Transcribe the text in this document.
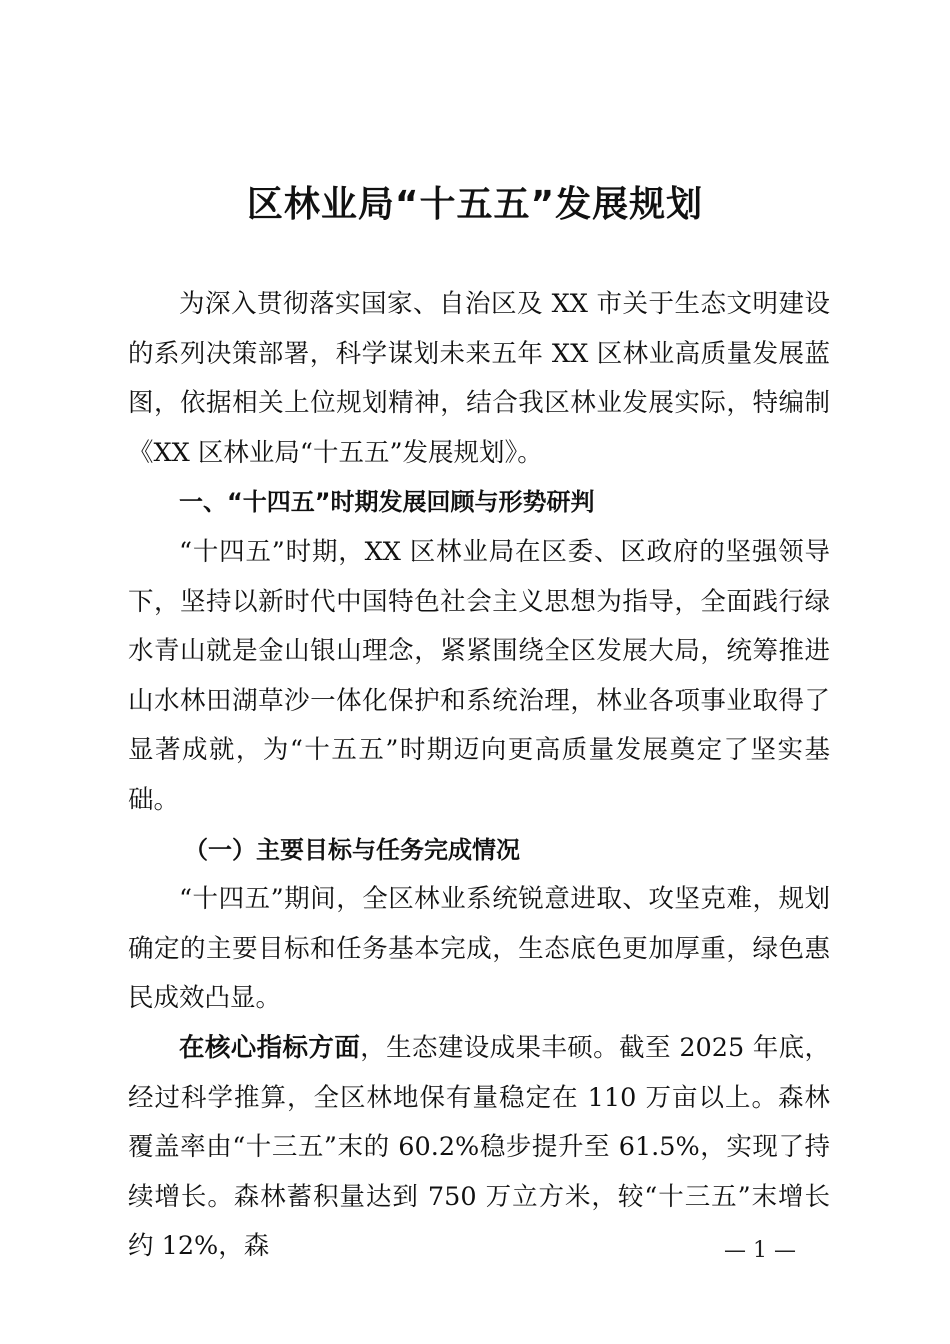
区林业局“十五五”发展规划

为深入贯彻落实国家、自治区及 XX 市关于生态文明建设的系列决策部署，科学谋划未来五年 XX 区林业高质量发展蓝图，依据相关上位规划精神，结合我区林业发展实际，特编制《XX 区林业局“十五五”发展规划》。

一、“十四五”时期发展回顾与形势研判

“十四五”时期，XX 区林业局在区委、区政府的坚强领导下，坚持以新时代中国特色社会主义思想为指导，全面践行绿水青山就是金山银山理念，紧紧围绕全区发展大局，统筹推进山水林田湖草沙一体化保护和系统治理，林业各项事业取得了显著成就，为“十五五”时期迈向更高质量发展奠定了坚实基础。

（一）主要目标与任务完成情况

“十四五”期间，全区林业系统锐意进取、攻坚克难，规划确定的主要目标和任务基本完成，生态底色更加厚重，绿色惠民成效凸显。

在核心指标方面，生态建设成果丰硕。截至 2025 年底，经过科学推算，全区林地保有量稳定在 110 万亩以上。森林覆盖率由“十三五”末的 60.2%稳步提升至 61.5%，实现了持续增长。森林蓄积量达到 750 万立方米，较“十三五”末增长约 12%，森	— 1 —
